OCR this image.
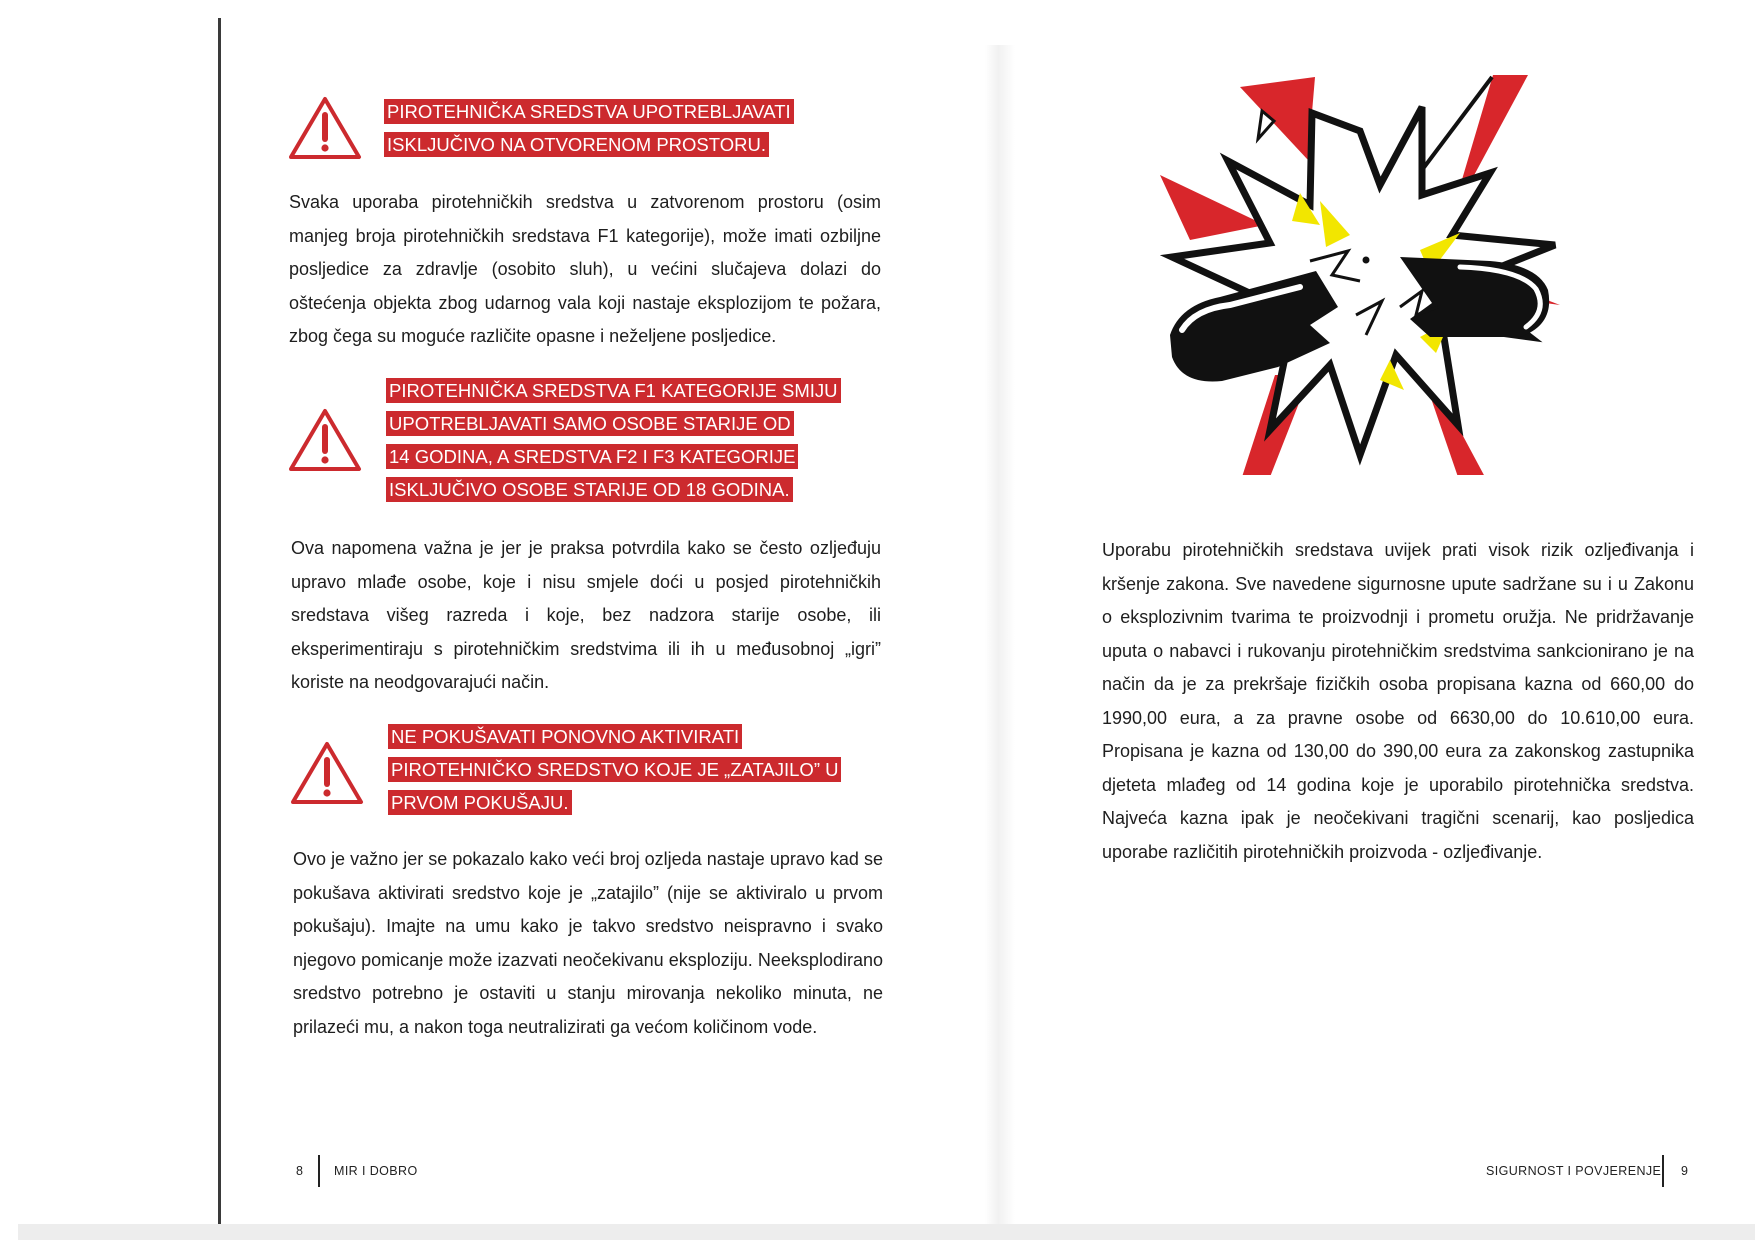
PIROTEHNIČKA SREDSTVA UPOTREBLJAVATI
ISKLJUČIVO NA OTVORENOM PROSTORU.

Svaka uporaba pirotehničkih sredstva u zatvorenom prostoru (osim manjeg broja pirotehničkih sredstava F1 kategorije), može imati ozbiljne posljedice za zdravlje (osobito sluh), u većini slučajeva dolazi do oštećenja objekta zbog udarnog vala koji nastaje eksplozijom te požara, zbog čega su moguće različite opasne i neželjene posljedice.

PIROTEHNIČKA SREDSTVA F1 KATEGORIJE SMIJU
UPOTREBLJAVATI SAMO OSOBE STARIJE OD
14 GODINA, A SREDSTVA F2 I F3 KATEGORIJE
ISKLJUČIVO OSOBE STARIJE OD 18 GODINA.

Ova napomena važna je jer je praksa potvrdila kako se često ozljeđuju upravo mlađe osobe, koje i nisu smjele doći u posjed pirotehničkih sredstava višeg razreda i koje, bez nadzora starije osobe, ili eksperimentiraju s pirotehničkim sredstvima ili ih u međusobnoj „igri” koriste na neodgovarajući način.

NE POKUŠAVATI PONOVNO AKTIVIRATI
PIROTEHNIČKO SREDSTVO KOJE JE „ZATAJILO” U
PRVOM POKUŠAJU.

Ovo je važno jer se pokazalo kako veći broj ozljeda nastaje upravo kad se pokušava aktivirati sredstvo koje je „zatajilo” (nije se aktiviralo u prvom pokušaju). Imajte na umu kako je takvo sredstvo neispravno i svako njegovo pomicanje može izazvati neočekivanu eksploziju. Neeksplodirano sredstvo potrebno je ostaviti u stanju mirovanja nekoliko minuta, ne prilazeći mu, a nakon toga neutralizirati ga većom količinom vode.

8 MIR I DOBRO

Uporabu pirotehničkih sredstava uvijek prati visok rizik ozljeđivanja i kršenje zakona. Sve navedene sigurnosne upute sadržane su i u Zakonu o eksplozivnim tvarima te proizvodnji i prometu oružja. Ne pridržavanje uputa o nabavci i rukovanju pirotehničkim sredstvima sankcionirano je na način da je za prekršaje fizičkih osoba propisana kazna od 660,00 do 1990,00 eura, a za pravne osobe od 6630,00 do 10.610,00 eura. Propisana je kazna od 130,00 do 390,00 eura za zakonskog zastupnika djeteta mlađeg od 14 godina koje je uporabilo pirotehnička sredstva. Najveća kazna ipak je neočekivani tragični scenarij, kao posljedica uporabe različitih pirotehničkih proizvoda - ozljeđivanje.

SIGURNOST I POVJERENJE 9
